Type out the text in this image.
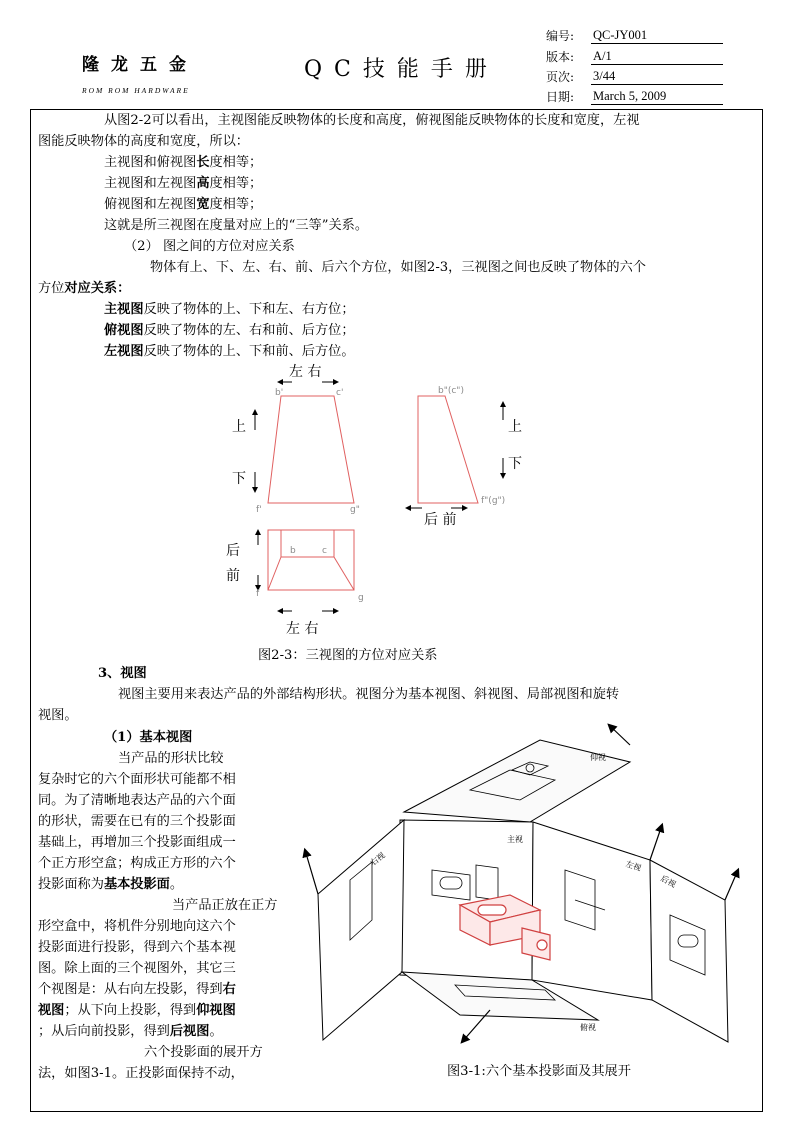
隆龙五金
ROM ROM HARDWARE
QC技能手册
编号: QC-JY001
版本: A/1
页次: 3/44
日期: March 5, 2009
从图2-2可以看出，主视图能反映物体的长度和高度，俯视图能反映物体的长度和宽度，左视
图能反映物体的高度和宽度，所以：
主视图和俯视图长度相等；
主视图和左视图高度相等；
俯视图和左视图宽度相等；
这就是所三视图在度量对应上的“三等”关系。
（2） 图之间的方位对应关系
物体有上、下、左、右、前、后六个方位，如图2-3，三视图之间也反映了物体的六个
方位对应关系：
主视图反映了物体的上、下和左、右方位；
俯视图反映了物体的左、右和前、后方位；
左视图反映了物体的上、下和前、后方位。
左 右
b'	c'	b"(c")
上
下
上
下
f'	g"
f"(g")
后 前
后
前
b	c
f	g
左 右
图2-3：三视图的方位对应关系
3、视图
视图主要用来表达产品的外部结构形状。视图分为基本视图、斜视图、局部视图和旋转
视图。
（1）基本视图
当产品的形状比较
复杂时它的六个面形状可能都不相
同。为了清晰地表达产品的六个面
的形状，需要在已有的三个投影面
基础上，再增加三个投影面组成一
个正方形空盒；构成正方形的六个
投影面称为基本投影面。
当产品正放在正方
形空盒中，将机件分别地向这六个
投影面进行投影，得到六个基本视
图。除上面的三个视图外，其它三
个视图是：从右向左投影，得到右
视图；从下向上投影，得到仰视图
；从后向前投影，得到后视图。
六个投影面的展开方
法，如图3-1。正投影面保持不动，
仰视
主视
右视	左视
后视
俯视
图3-1:六个基本投影面及其展开
